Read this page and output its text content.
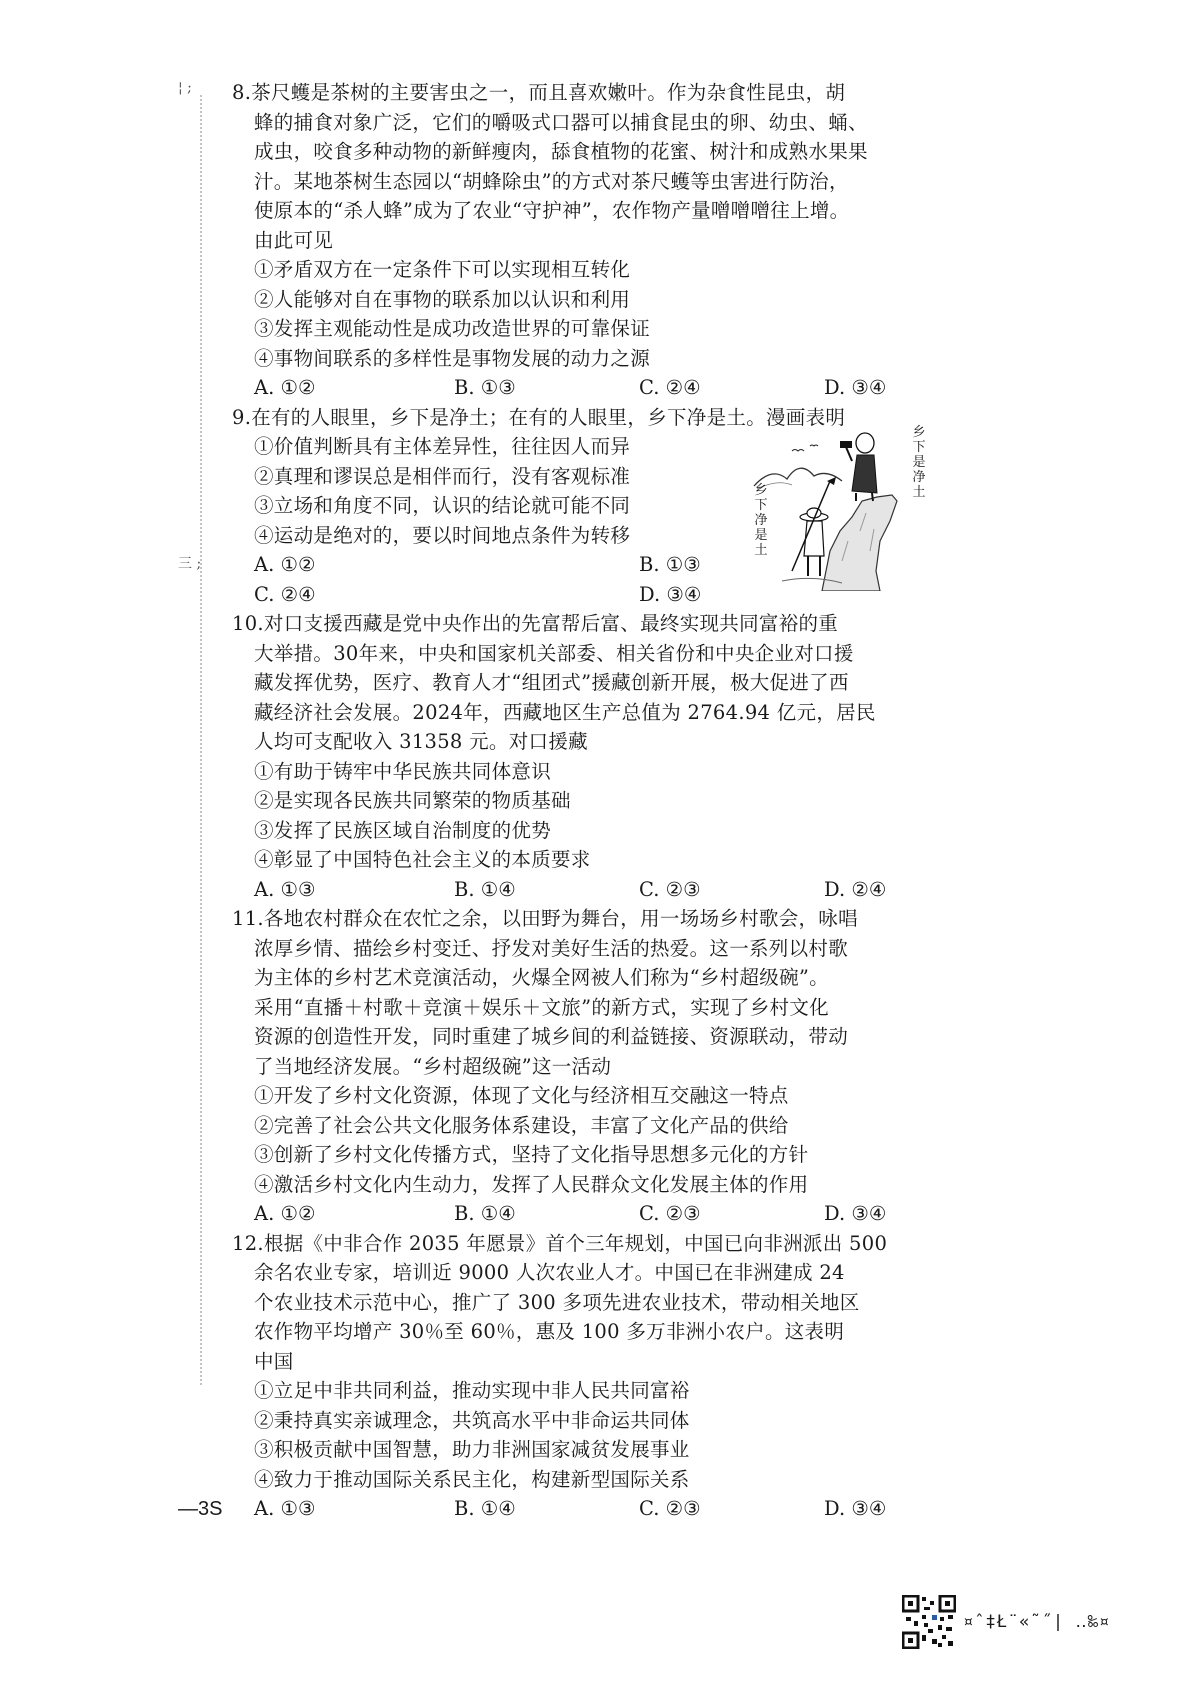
¦ ;
三 ;
8.茶尺蠖是茶树的主要害虫之一，而且喜欢嫩叶。作为杂食性昆虫，胡
蜂的捕食对象广泛，它们的嚼吸式口器可以捕食昆虫的卵、幼虫、蛹、
成虫，咬食多种动物的新鲜瘦肉，舔食植物的花蜜、树汁和成熟水果果
汁。某地茶树生态园以“胡蜂除虫”的方式对茶尺蠖等虫害进行防治，
使原本的“杀人蜂”成为了农业“守护神”，农作物产量噌噌噌往上增。
由此可见
①矛盾双方在一定条件下可以实现相互转化
②人能够对自在事物的联系加以认识和利用
③发挥主观能动性是成功改造世界的可靠保证
④事物间联系的多样性是事物发展的动力之源
A. ①②	B. ①③	C. ②④	D. ③④
9.在有的人眼里，乡下是净土；在有的人眼里，乡下净是土。漫画表明
①价值判断具有主体差异性，往往因人而异
②真理和谬误总是相伴而行，没有客观标准
③立场和角度不同，认识的结论就可能不同
④运动是绝对的，要以时间地点条件为转移
A. ①②	B. ①③
C. ②④	D. ③④
乡下是净土
乡下净是土
10.对口支援西藏是党中央作出的先富帮后富、最终实现共同富裕的重
大举措。30年来，中央和国家机关部委、相关省份和中央企业对口援
藏发挥优势，医疗、教育人才“组团式”援藏创新开展，极大促进了西
藏经济社会发展。2024年，西藏地区生产总值为 2764.94 亿元，居民
人均可支配收入 31358 元。对口援藏
①有助于铸牢中华民族共同体意识
②是实现各民族共同繁荣的物质基础
③发挥了民族区域自治制度的优势
④彰显了中国特色社会主义的本质要求
A. ①③	B. ①④	C. ②③	D. ②④
11.各地农村群众在农忙之余，以田野为舞台，用一场场乡村歌会，咏唱
浓厚乡情、描绘乡村变迁、抒发对美好生活的热爱。这一系列以村歌
为主体的乡村艺术竞演活动，火爆全网被人们称为“乡村超级碗”。
采用“直播＋村歌＋竞演＋娱乐＋文旅”的新方式，实现了乡村文化
资源的创造性开发，同时重建了城乡间的利益链接、资源联动，带动
了当地经济发展。“乡村超级碗”这一活动
①开发了乡村文化资源，体现了文化与经济相互交融这一特点
②完善了社会公共文化服务体系建设，丰富了文化产品的供给
③创新了乡村文化传播方式，坚持了文化指导思想多元化的方针
④激活乡村文化内生动力，发挥了人民群众文化发展主体的作用
A. ①②	B. ①④	C. ②③	D. ③④
12.根据《中非合作 2035 年愿景》首个三年规划，中国已向非洲派出 500
余名农业专家，培训近 9000 人次农业人才。中国已在非洲建成 24
个农业技术示范中心，推广了 300 多项先进农业技术，带动相关地区
农作物平均增产 30％至 60％，惠及 100 多万非洲小农户。这表明
中国
①立足中非共同利益，推动实现中非人民共同富裕
②秉持真实亲诚理念，共筑高水平中非命运共同体
③积极贡献中国智慧，助力非洲国家减贫发展事业
④致力于推动国际关系民主化，构建新型国际关系
A. ①③	B. ①④	C. ②③	D. ③④
—3S
¤ˆ‡Ł¨«˜˝| ‥‰¤
